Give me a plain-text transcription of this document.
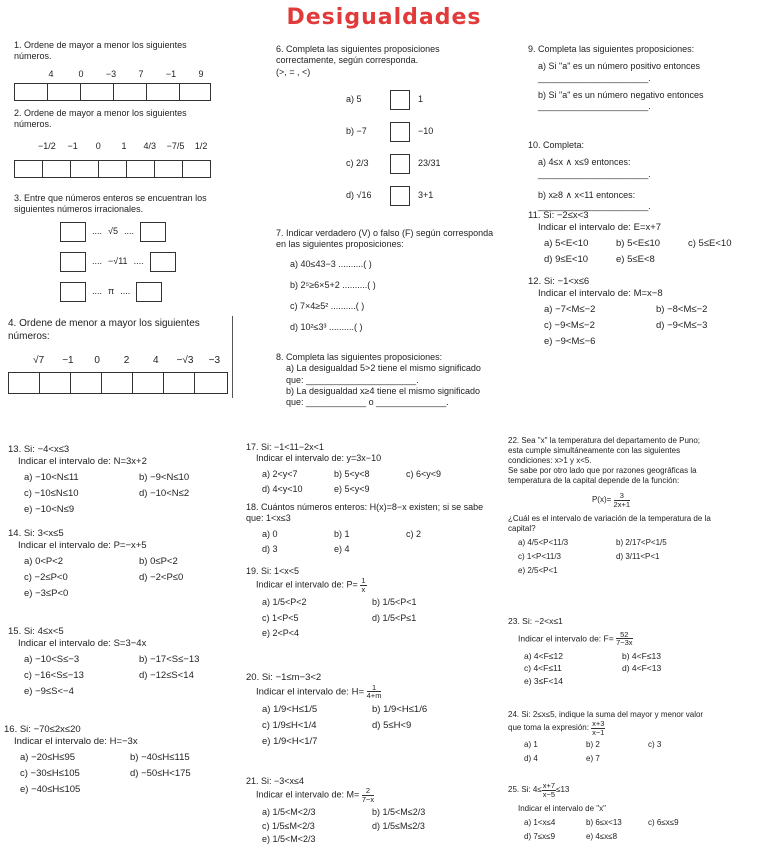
Desigualdades
1. Ordene de mayor a menor los siguientes números.
4	0	−3	7	−1	9
2. Ordene de mayor a menor los siguientes números.
−1/2	−1	0	1	4/3	−7/5	1/2
3. Entre que números enteros se encuentran los siguientes números irracionales.
.... √5 ....
.... −√11 ....
.... π ....
4. Ordene de menor a mayor los siguientes números:
√7	−1	0	2	4	−√3	−3
6. Completa las siguientes proposiciones correctamente, según corresponda.
(>, = , <)
a) 5	1
b) −7	−10
c) 2/3	23/31
d) √16	3+1
7. Indicar verdadero (V) o falso (F) según corresponda en las siguientes proposiciones:
a) 40≤43−3 ..........( )
b) 2⁵≥6×5+2 ..........( )
c) 7×4≥5² ..........( )
d) 10²≤3³ ..........( )
8. Completa las siguientes proposiciones:
a) La desigualdad 5>2 tiene el mismo significado que: ______________________.
b) La desigualdad x≥4 tiene el mismo significado que: ____________ o ______________.
9. Completa las siguientes proposiciones:
a) Si "a" es un número positivo entonces ______________________.
b) Si "a" es un número negativo entonces ______________________.
10. Completa:
a) 4≤x ∧ x≤9 entonces: ______________________.
b) x≥8 ∧ x<11 entonces: ______________________.
11. Si: −2≤x<3
Indicar el intervalo de: E=x+7
a) 5<E<10	b) 5<E≤10	c) 5≤E<10
d) 9≤E<10	e) 5≤E<8
12. Si: −1<x≤6
Indicar el intervalo de: M=x−8
a) −7<M≤−2	b) −8<M≤−2
c) −9<M≤−2	d) −9<M≤−3
e) −9<M≤−6
13. Si: −4<x≤3
Indicar el intervalo de: N=3x+2
a) −10<N≤11	b) −9<N≤10
c) −10≤N≤10	d) −10<N≤2
e) −10<N≤9
14. Si: 3<x≤5
Indicar el intervalo de: P=−x+5
a) 0<P<2	b) 0≤P<2
c) −2≤P<0	d) −2<P≤0
e) −3≤P<0
15. Si: 4≤x<5
Indicar el intervalo de: S=3−4x
a) −10<S≤−3	b) −17<S≤−13
c) −16<S≤−13	d) −12≤S<14
e) −9≤S<−4
16. Si: −70≤2x≤20
Indicar el intervalo de: H=−3x
a) −20≤H≤95	b) −40≤H≤115
c) −30≤H≤105	d) −50≤H<175
e) −40≤H≤105
17. Si: −1<11−2x<1
Indicar el intervalo de: y=3x−10
a) 2<y<7	b) 5<y<8	c) 6<y<9
d) 4<y<10	e) 5<y<9
18. Cuántos números enteros: H(x)=8−x existen; si se sabe que: 1<x≤3
a) 0	b) 1	c) 2
d) 3	e) 4
19. Si: 1<x<5
Indicar el intervalo de: $P= \frac{1}{x}$
a) 1/5<P<2	b) 1/5<P<1
c) 1<P<5	d) 1/5<P≤1
e) 2<P<4
20. Si: −1≤m−3<2
Indicar el intervalo de: $H= \frac{1}{4+m}$
a) 1/9<H≤1/5	b) 1/9<H≤1/6
c) 1/9≤H<1/4	d) 5≤H<9
e) 1/9<H<1/7
21. Si: −3<x≤4
Indicar el intervalo de: $M= \frac{2}{7-x}$
a) 1/5<M<2/3	b) 1/5<M≤2/3
c) 1/5≤M<2/3	d) 1/5≤M≤2/3
e) 1/5<M<2/3
22. Sea "x" la temperatura del departamento de Puno; esta cumple simultáneamente con las siguientes condiciones: x>1 y x<5.
Se sabe por otro lado que por razones geográficas la temperatura de la capital depende de la función:
$P(x)= \frac{3}{2x+1}$
¿Cuál es el intervalo de variación de la temperatura de la capital?
a) 4/5<P<11/3	b) 2/17<P<1/5
c) 1<P<11/3	d) 3/11<P<1
e) 2/5<P<1
23. Si: −2<x≤1
Indicar el intervalo de: $F= \frac{52}{7-3x}$
a) 4<F≤12	b) 4<F≤13
c) 4<F≤11	d) 4<F<13
e) 3≤F<14
24. Si: 2≤x≤5, indique la suma del mayor y menor valor que toma la expresión: $\frac{x+3}{x-1}$
a) 1	b) 2	c) 3
d) 4	e) 7
25. Si: $4\le \frac{x+7}{x-5} \le 13$
Indicar el intervalo de "x"
a) 1<x≤4	b) 6≤x<13	c) 6≤x≤9
d) 7≤x≤9	e) 4≤x≤8
